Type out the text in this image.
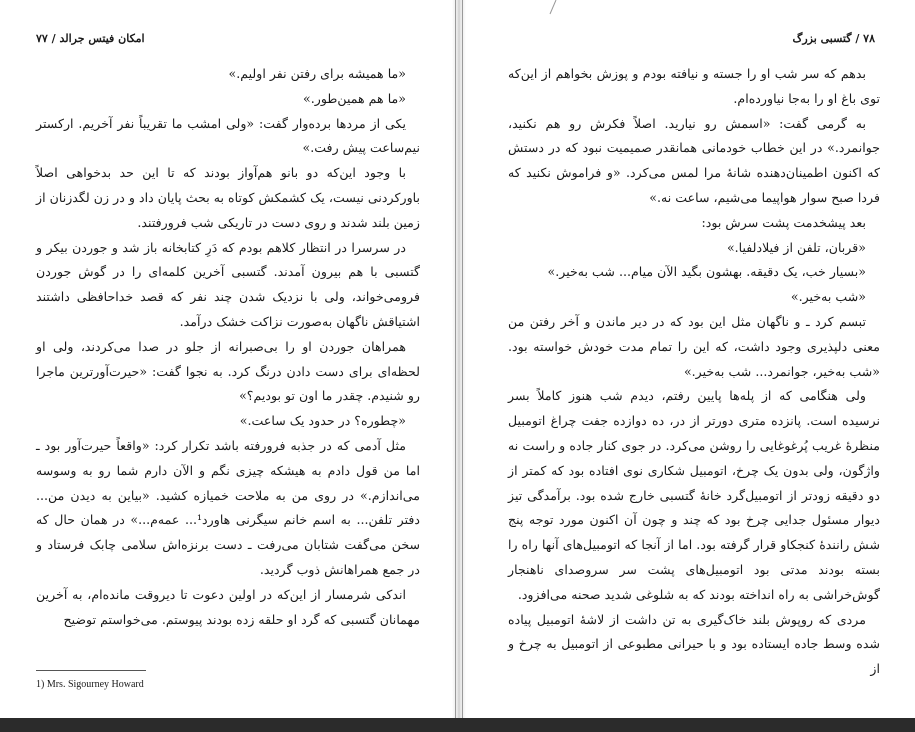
امکان فیتس جرالد / ۷۷

«ما همیشه برای رفتن نفر اولیم.»

«ما هم همین‌طور.»

یکی از مردها برده‌وار گفت: «ولی امشب ما تقریباً نفر آخریم. ارکستر نیم‌ساعت پیش رفت.»

با وجود این‌که دو بانو هم‌آواز بودند که تا این حد بدخواهی اصلاً باورکردنی نیست، یک کشمکش کوتاه به بحث پایان داد و در زن لگدزنان از زمین بلند شدند و روی دست در تاریکی شب فرورفتند.

در سرسرا در انتظار کلاهم بودم که دَرِ کتابخانه باز شد و جوردن بیکر و گتسبی با هم بیرون آمدند. گتسبی آخرین کلمه‌ای را در گوش جوردن فرومی‌خواند، ولی با نزدیک شدن چند نفر که قصد خداحافظی داشتند اشتیاقش ناگهان به‌صورت نزاکت خشک درآمد.

همراهان جوردن او را بی‌صبرانه از جلو در صدا می‌کردند، ولی او لحظه‌ای برای دست دادن درنگ کرد. به نجوا گفت: «حیرت‌آورترین ماجرا رو شنیدم. چقدر ما اون تو بودیم؟»

«چطوره؟ در حدود یک ساعت.»

مثل آدمی که در جذبه فرورفته باشد تکرار کرد: «واقعاً حیرت‌آور بود ـ اما من قول دادم به هیشکه چیزی نگم و الآن دارم شما رو به وسوسه می‌اندازم.» در روی من به ملاحت خمیازه کشید. «بیاین به دیدن من... دفتر تلفن... به اسم خانم سیگرنی هاورد¹... عمه‌م...» در همان حال که سخن می‌گفت شتابان می‌رفت ـ دست برنزه‌اش سلامی چابک فرستاد و در جمع همراهانش ذوب گردید.

اندکی شرمسار از این‌که در اولین دعوت تا دیروقت مانده‌ام، به آخرین مهمانان گتسبی که گرد او حلقه زده بودند پیوستم. می‌خواستم توضیح

1) Mrs. Sigourney Howard
۷۸ / گتسبی بزرگ

بدهم که سر شب او را جسته و نیافته بودم و پوزش بخواهم از این‌که توی باغ او را به‌جا نیاورده‌ام.

به گرمی گفت: «اسمش رو نیارید. اصلاً فکرش رو هم نکنید، جوانمرد.» در این خطاب خودمانی همانقدر صمیمیت نبود که در دستش که اکنون اطمینان‌دهنده شانه‌ٔ مرا لمس می‌کرد. «و فراموش نکنید که فردا صبح سوار هواپیما می‌شیم، ساعت نه.»

بعد پیشخدمت پشت سرش بود:

«قربان، تلفن از فیلادلفیا.»

«بسیار خب، یک دقیقه. بهشون بگید الآن میام... شب به‌خیر.»

«شب به‌خیر.»

تبسم کرد ـ و ناگهان مثل این بود که در دیر ماندن و آخر رفتن من معنی دلپذیری وجود داشت، که این را تمام مدت خودش خواسته بود. «شب به‌خیر، جوانمرد... شب به‌خیر.»

ولی هنگامی که از پله‌ها پایین رفتم، دیدم شب هنوز کاملاً بسر نرسیده است. پانزده متری دورتر از در، ده دوازده جفت چراغ اتومبیل منظرهٔ غریب پُرغوغایی را روشن می‌کرد. در جوی کنار جاده و راست نه واژگون، ولی بدون یک چرخ، اتومبیل شکاری نوی افتاده بود که کمتر از دو دقیقه زودتر از اتومبیل‌گرد خانهٔ گتسبی خارج شده بود. برآمدگی تیز دیوار مسئول جدایی چرخ بود که چند و چون آن اکنون مورد توجه پنج شش راننده‌ٔ کنجکاو قرار گرفته بود. اما از آنجا که اتومبیل‌های آنها راه را بسته بودند مدتی بود اتومبیل‌های پشت سر سروصدای ناهنجار گوش‌خراشی به راه انداخته بودند که به شلوغی شدید صحنه می‌افزود.

مردی که روپوش بلند خاک‌گیری به تن داشت از لاشهٔ اتومبیل پیاده شده وسط جاده ایستاده بود و با حیرانی مطبوعی از اتومبیل به چرخ و از
